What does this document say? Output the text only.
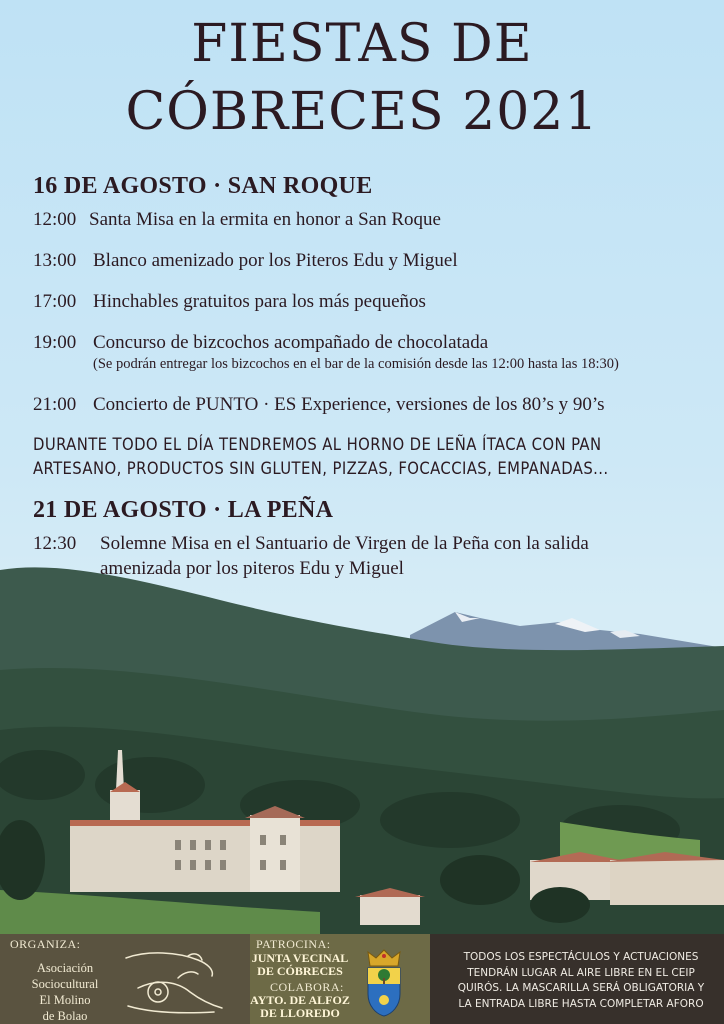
FIESTAS DE
CÓBRECES 2021
16 DE AGOSTO · SAN ROQUE
12:00 Santa Misa en la ermita en honor a San Roque
13:00 Blanco amenizado por los Piteros Edu y Miguel
17:00 Hinchables gratuitos para los más pequeños
19:00 Concurso de bizcochos acompañado de chocolatada
(Se podrán entregar los bizcochos en el bar de la comisión desde las 12:00 hasta las 18:30)
21:00 Concierto de PUNTO · ES Experience, versiones de los 80’s y 90’s
DURANTE TODO EL DÍA TENDREMOS AL HORNO DE LEÑA ÍTACA CON PAN
ARTESANO, PRODUCTOS SIN GLUTEN, PIZZAS, FOCACCIAS, EMPANADAS...
21 DE AGOSTO · LA PEÑA
12:30 Solemne Misa en el Santuario de Virgen de la Peña con la salida
amenizada por los piteros Edu y Miguel
ORGANIZA:
Asociación
Sociocultural
El Molino
de Bolao
PATROCINA:
JUNTA VECINAL
DE CÓBRECES
COLABORA:
AYTO. DE ALFOZ
DE LLOREDO
TODOS LOS ESPECTÁCULOS Y ACTUACIONES
TENDRÁN LUGAR AL AIRE LIBRE EN EL CEIP
QUIRÓS. LA MASCARILLA SERÁ OBLIGATORIA Y
LA ENTRADA LIBRE HASTA COMPLETAR AFORO
